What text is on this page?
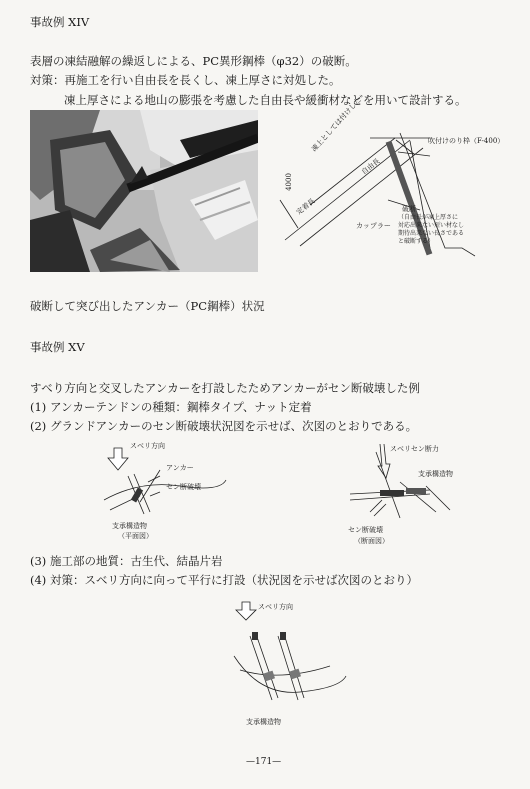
事故例 XIV
表層の凍結融解の繰返しによる、PC異形鋼棒（φ32）の破断。
対策：再施工を行い自由長を長くし、凍上厚さに対処した。
凍上厚さによる地山の膨張を考慮した自由長や緩衝材などを用いて設計する。
4000
凍上としては付けした
自由長
定着長
吹付けのり枠（F-400）
カップラー
破断
（自由長が凍上厚さに
対応出来ない短い材なし
期待出来ない長さである
と破断する）
破断して突び出したアンカー（PC鋼棒）状況
事故例 XV
すべり方向と交叉したアンカーを打設したためアンカーがセン断破壊した例
(1) アンカーテンドンの種類：鋼棒タイプ、ナット定着
(2) グランドアンカーのセン断破壊状況図を示せば、次図のとおりである。
スベリ方向
アンカー
セン断破壊
支承構造物
（平面図）
スベリセン断力
支承構造物
セン断破壊
（断面図）
(3) 施工部の地質：古生代、結晶片岩
(4) 対策：スベリ方向に向って平行に打設（状況図を示せば次図のとおり）
スベリ方向
支承構造物
—171—
